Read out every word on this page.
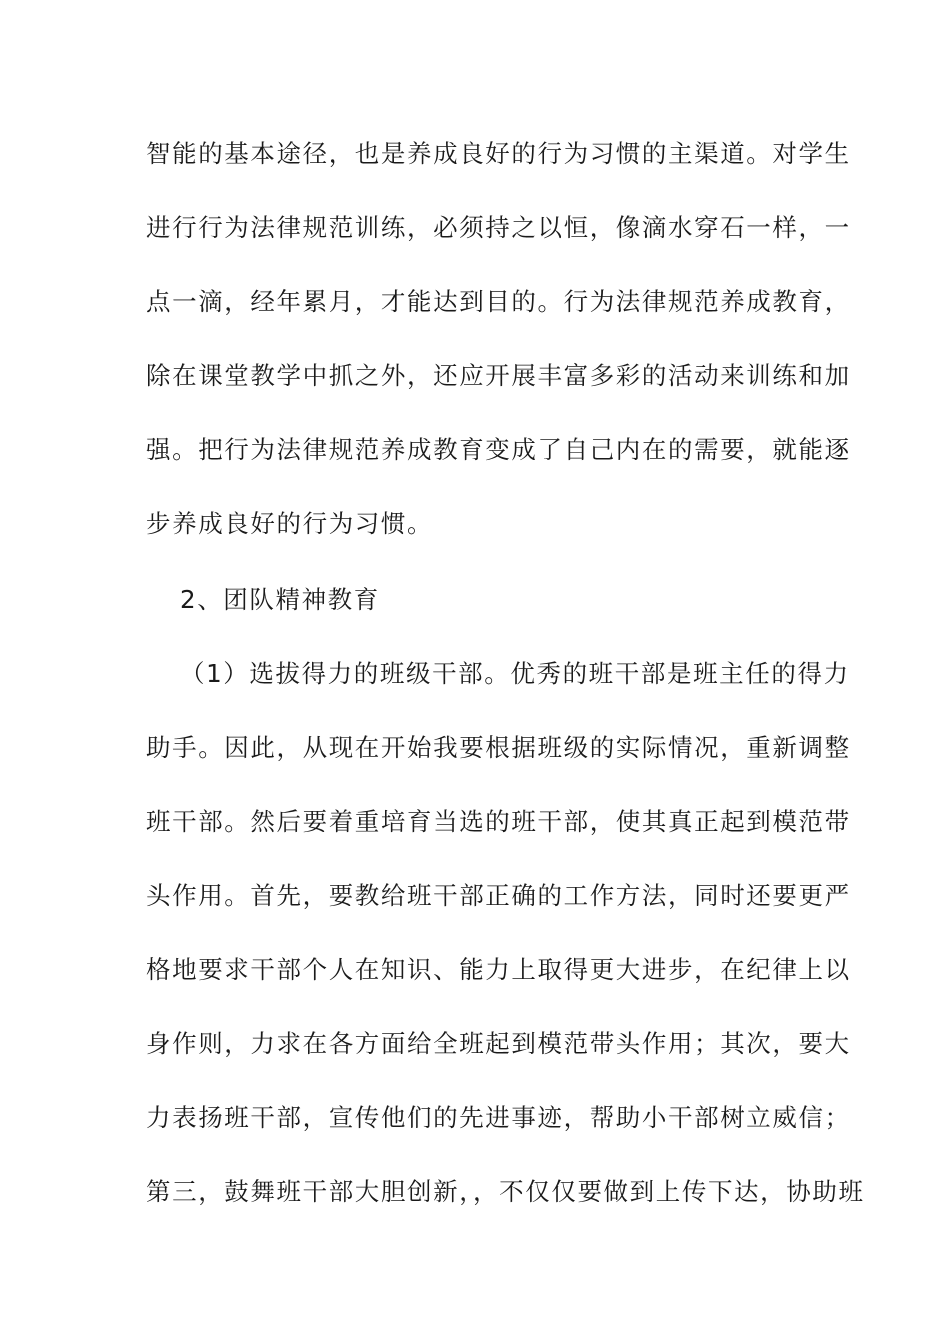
智能的基本途径，也是养成良好的行为习惯的主渠道。对学生
进行行为法律规范训练，必须持之以恒，像滴水穿石一样，一
点一滴，经年累月，才能达到目的。行为法律规范养成教育，
除在课堂教学中抓之外，还应开展丰富多彩的活动来训练和加
强。把行为法律规范养成教育变成了自己内在的需要，就能逐
步养成良好的行为习惯。
2、团队精神教育
（1）选拔得力的班级干部。优秀的班干部是班主任的得力
助手。因此，从现在开始我要根据班级的实际情况，重新调整
班干部。然后要着重培育当选的班干部，使其真正起到模范带
头作用。首先，要教给班干部正确的工作方法，同时还要更严
格地要求干部个人在知识、能力上取得更大进步，在纪律上以
身作则，力求在各方面给全班起到模范带头作用；其次，要大
力表扬班干部，宣传他们的先进事迹，帮助小干部树立威信；
第三，鼓舞班干部大胆创新，，不仅仅要做到上传下达，协助班
